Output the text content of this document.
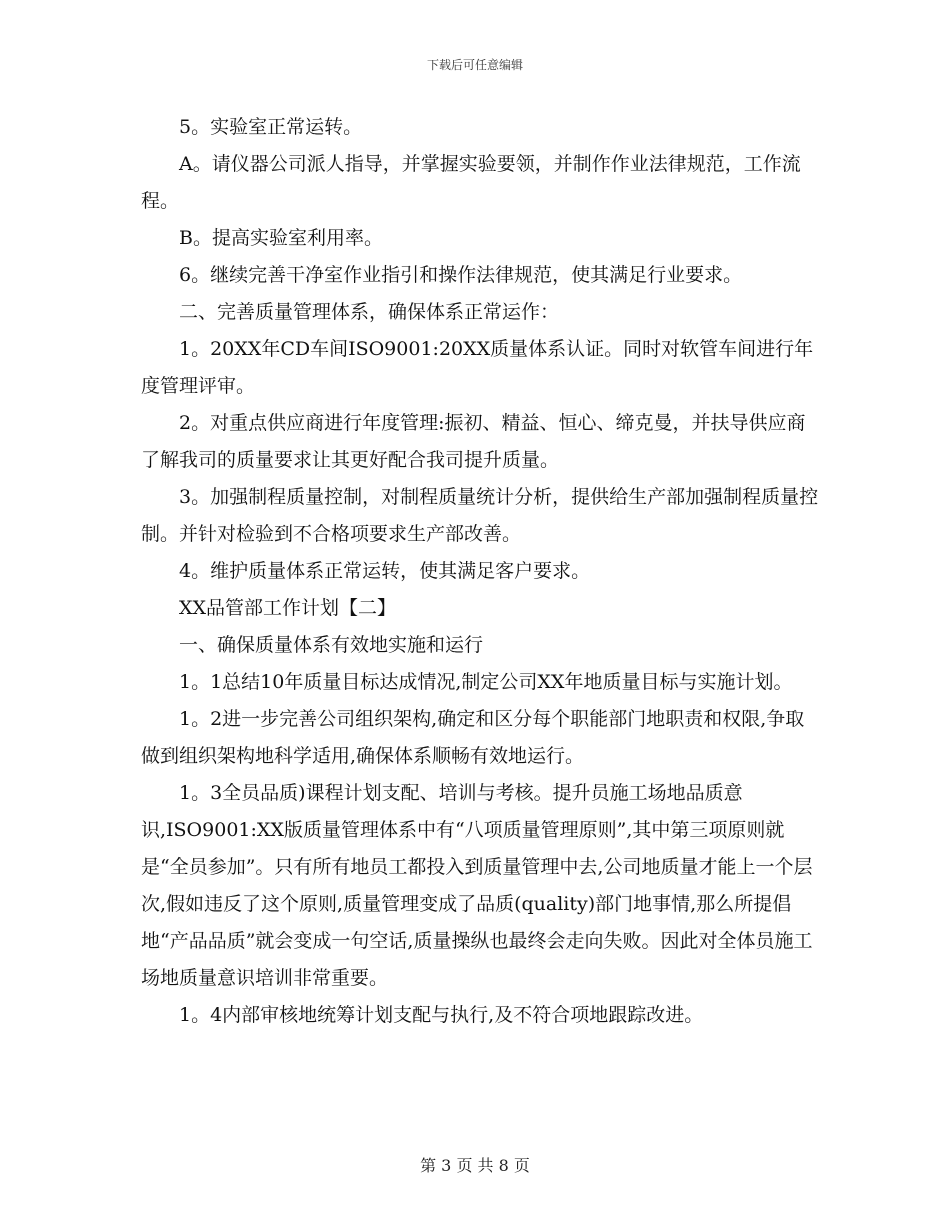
下载后可任意编辑

5。实验室正常运转。

A。请仪器公司派人指导，并掌握实验要领，并制作作业法律规范，工作流程。

B。提高实验室利用率。

6。继续完善干净室作业指引和操作法律规范，使其满足行业要求。

二、完善质量管理体系，确保体系正常运作：

1。20XX年CD车间ISO9001:20XX质量体系认证。同时对软管车间进行年度管理评审。

2。对重点供应商进行年度管理:振初、精益、恒心、缔克曼，并扶导供应商了解我司的质量要求让其更好配合我司提升质量。

3。加强制程质量控制，对制程质量统计分析，提供给生产部加强制程质量控制。并针对检验到不合格项要求生产部改善。

4。维护质量体系正常运转，使其满足客户要求。

XX品管部工作计划【二】

一、确保质量体系有效地实施和运行

1。1总结10年质量目标达成情况,制定公司XX年地质量目标与实施计划。

1。2进一步完善公司组织架构,确定和区分每个职能部门地职责和权限,争取做到组织架构地科学适用,确保体系顺畅有效地运行。

1。3全员品质)课程计划支配、培训与考核。提升员施工场地品质意识,ISO9001:XX版质量管理体系中有“八项质量管理原则”,其中第三项原则就是“全员参加”。只有所有地员工都投入到质量管理中去,公司地质量才能上一个层次,假如违反了这个原则,质量管理变成了品质(quality)部门地事情,那么所提倡地“产品品质”就会变成一句空话,质量操纵也最终会走向失败。因此对全体员施工场地质量意识培训非常重要。

1。4内部审核地统筹计划支配与执行,及不符合项地跟踪改进。

第 3 页 共 8 页
